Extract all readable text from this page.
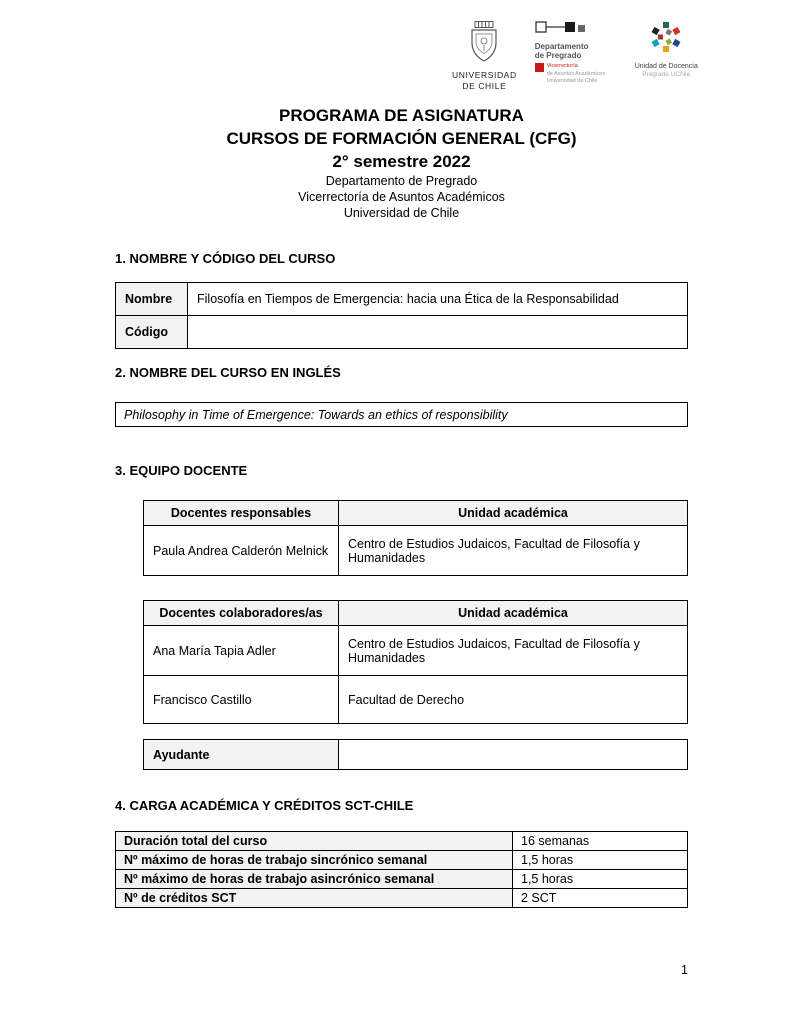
UNIVERSIDAD
DE CHILE
Departamento
de Pregrado
Vicerrectoría
de Asuntos Académicos
Universidad de Chile
Unidad de Docencia
Pregrado UChile
PROGRAMA DE ASIGNATURA
CURSOS DE FORMACIÓN GENERAL (CFG)
2° semestre 2022
Departamento de Pregrado
Vicerrectoría de Asuntos Académicos
Universidad de Chile
1. NOMBRE Y CÓDIGO DEL CURSO
Nombre	Filosofía en Tiempos de Emergencia: hacia una Ética de la Responsabilidad
Código	
2. NOMBRE DEL CURSO EN INGLÉS
Philosophy in Time of Emergence: Towards an ethics of responsibility
3. EQUIPO DOCENTE
Docentes responsables	Unidad académica
Paula Andrea Calderón Melnick	Centro de Estudios Judaicos, Facultad de Filosofía y Humanidades
Docentes colaboradores/as	Unidad académica
Ana María Tapia Adler	Centro de Estudios Judaicos, Facultad de Filosofía y Humanidades
Francisco Castillo	Facultad de Derecho
Ayudante	
4. CARGA ACADÉMICA Y CRÉDITOS SCT-CHILE
Duración total del curso	16 semanas
Nº máximo de horas de trabajo sincrónico semanal	1,5 horas
Nº máximo de horas de trabajo asincrónico semanal	1,5 horas
Nº de créditos SCT	2 SCT
1
